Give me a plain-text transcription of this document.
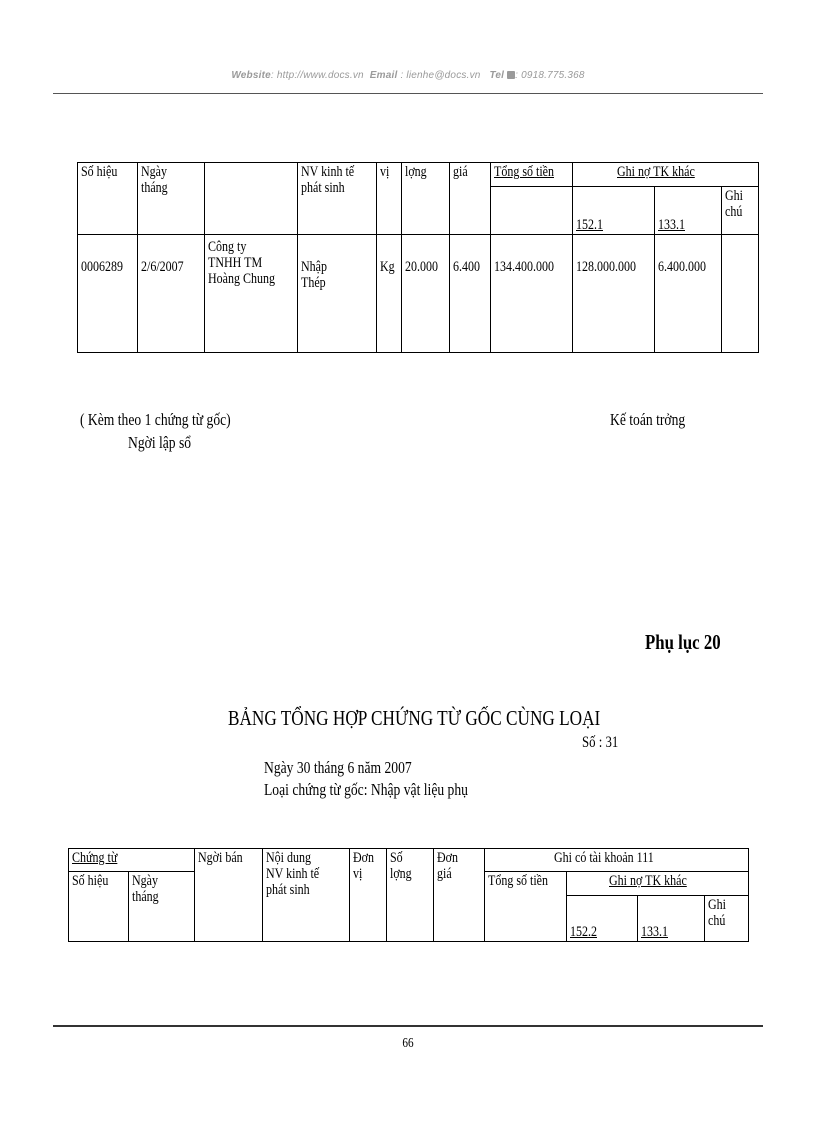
Website: http://www.docs.vn Email : lienhe@docs.vn Tel : 0918.775.368
Số hiệu	Ngày tháng		NV kinh tế phát sinh	vị	lợng	giá	Tổng số tiền	Ghi nợ TK khác		
								152.1	133.1	Ghi chú
0006289	2/6/2007	Công ty TNHH TM Hoàng Chung	Nhập Thép	Kg	20.000	6.400	134.400.000	128.000.000	6.400.000	
( Kèm theo 1 chứng từ gốc)
Ngời lập sổ
Kế toán trởng
Phụ lục 20
BẢNG TỔNG HỢP CHỨNG TỪ GỐC CÙNG LOẠI
Số : 31
Ngày 30 tháng 6 năm 2007
Loại chứng từ gốc: Nhập vật liệu phụ
Chứng từ		Ngời bán	Nội dung NV kinh tế phát sinh	Đơn vị	Số lợng	Đơn giá	Ghi có tài khoản 111			
Số hiệu	Ngày tháng						Tổng số tiền	Ghi nợ TK khác		
								152.2	133.1	Ghi chú
66
